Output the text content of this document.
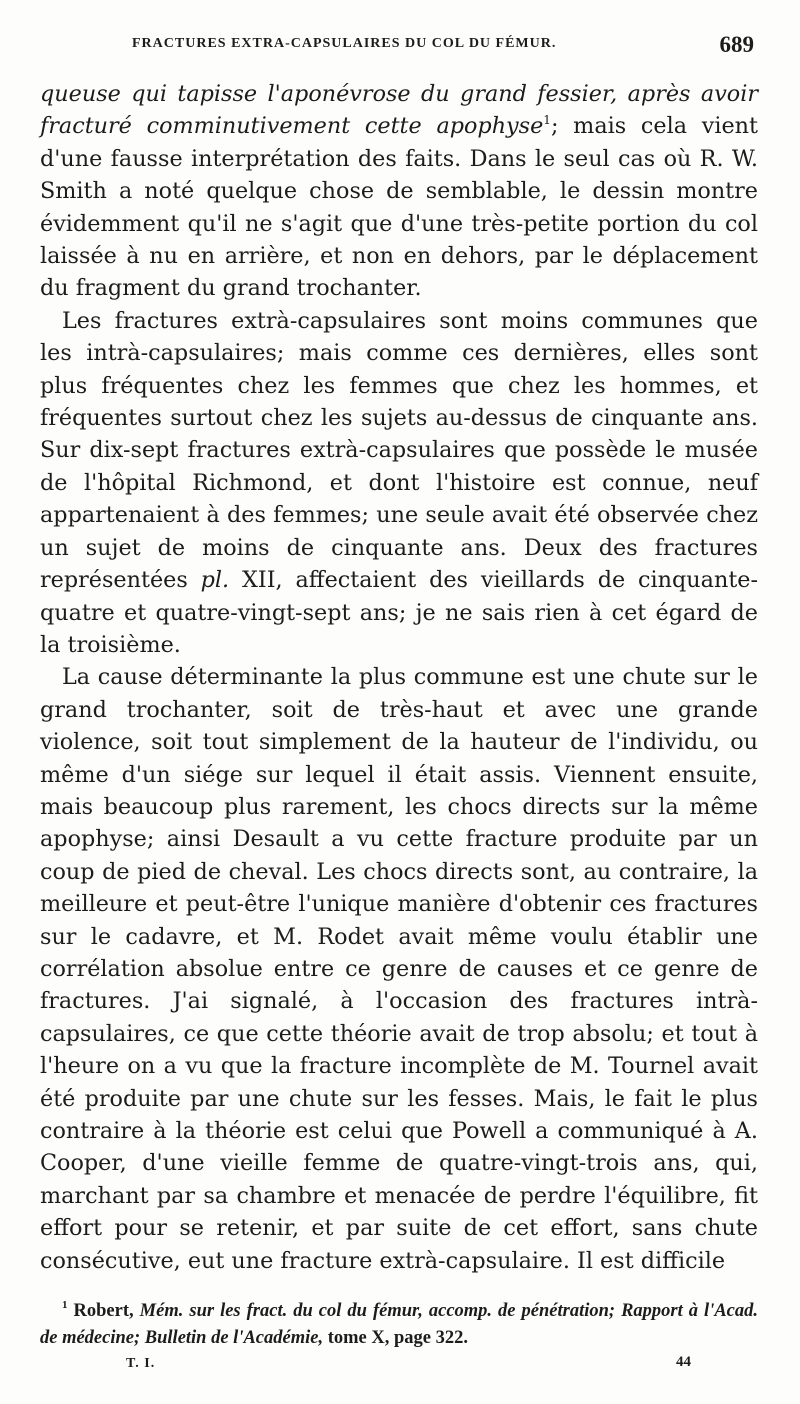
FRACTURES EXTRA-CAPSULAIRES DU COL DU FÉMUR.	689

queuse qui tapisse l'aponévrose du grand fessier, après avoir fracturé comminutivement cette apophyse$^1$; mais cela vient d'une fausse interprétation des faits. Dans le seul cas où R. W. Smith a noté quelque chose de semblable, le dessin montre évidemment qu'il ne s'agit que d'une très-petite portion du col laissée à nu en arrière, et non en dehors, par le déplacement du fragment du grand trochanter.

Les fractures extrà-capsulaires sont moins communes que les intrà-capsulaires; mais comme ces dernières, elles sont plus fréquentes chez les femmes que chez les hommes, et fréquentes surtout chez les sujets au-dessus de cinquante ans. Sur dix-sept fractures extrà-capsulaires que possède le musée de l'hôpital Richmond, et dont l'histoire est connue, neuf appartenaient à des femmes; une seule avait été observée chez un sujet de moins de cinquante ans. Deux des fractures représentées pl. XII, affectaient des vieillards de cinquante-quatre et quatre-vingt-sept ans; je ne sais rien à cet égard de la troisième.

La cause déterminante la plus commune est une chute sur le grand trochanter, soit de très-haut et avec une grande violence, soit tout simplement de la hauteur de l'individu, ou même d'un siége sur lequel il était assis. Viennent ensuite, mais beaucoup plus rarement, les chocs directs sur la même apophyse; ainsi Desault a vu cette fracture produite par un coup de pied de cheval. Les chocs directs sont, au contraire, la meilleure et peut-être l'unique manière d'obtenir ces fractures sur le cadavre, et M. Rodet avait même voulu établir une corrélation absolue entre ce genre de causes et ce genre de fractures. J'ai signalé, à l'occasion des fractures intrà-capsulaires, ce que cette théorie avait de trop absolu; et tout à l'heure on a vu que la fracture incomplète de M. Tournel avait été produite par une chute sur les fesses. Mais, le fait le plus contraire à la théorie est celui que Powell a communiqué à A. Cooper, d'une vieille femme de quatre-vingt-trois ans, qui, marchant par sa chambre et menacée de perdre l'équilibre, fit effort pour se retenir, et par suite de cet effort, sans chute consécutive, eut une fracture extrà-capsulaire. Il est difficile

$^1$ Robert, Mém. sur les fract. du col du fémur, accomp. de pénétration; Rapport à l'Acad. de médecine; Bulletin de l'Académie, tome X, page 322.

T. I.	44
